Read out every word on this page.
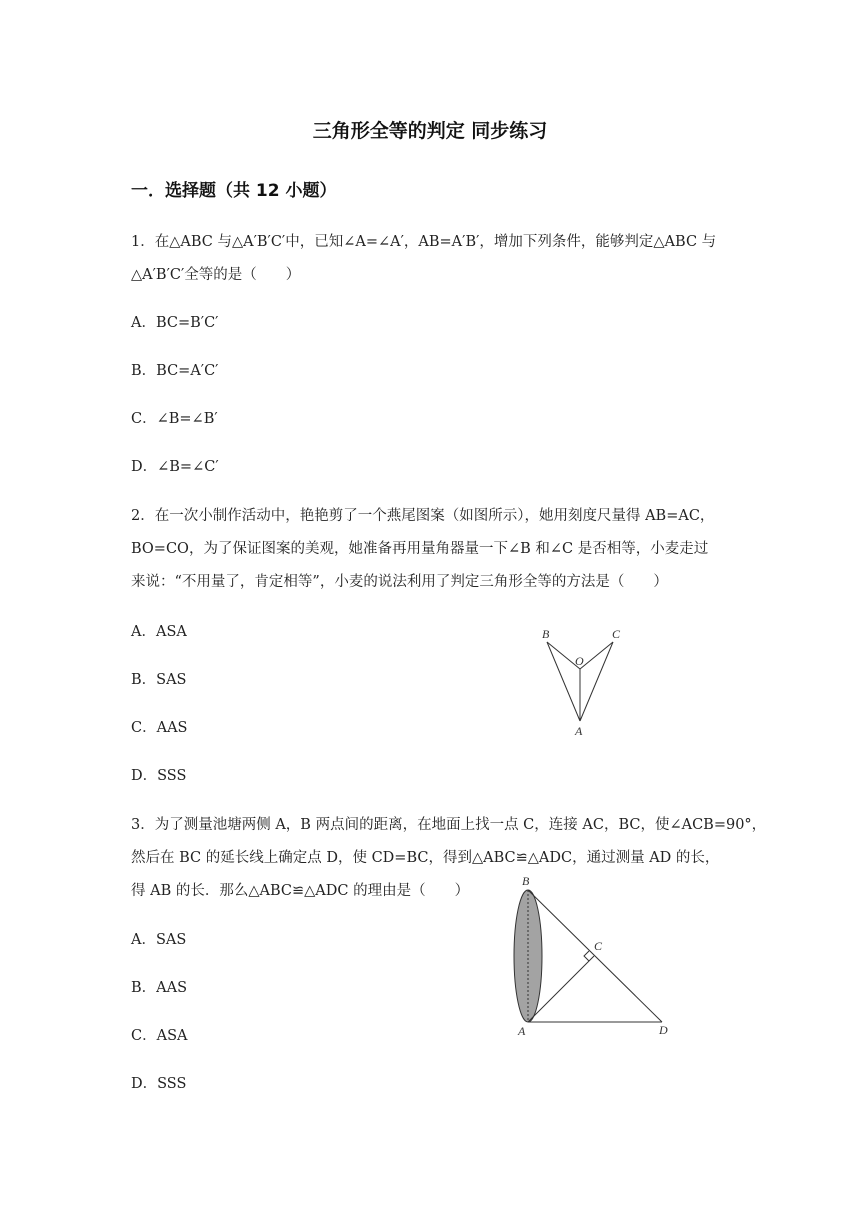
三角形全等的判定 同步练习
一．选择题（共 12 小题）
1．在△ABC 与△A′B′C′中，已知∠A=∠A′，AB=A′B′，增加下列条件，能够判定△ABC 与
△A′B′C′全等的是（　　）
A．BC=B′C′
B．BC=A′C′
C．∠B=∠B′
D．∠B=∠C′
2．在一次小制作活动中，艳艳剪了一个燕尾图案（如图所示），她用刻度尺量得 AB=AC，
BO=CO，为了保证图案的美观，她准备再用量角器量一下∠B 和∠C 是否相等，小麦走过
来说：“不用量了，肯定相等”，小麦的说法利用了判定三角形全等的方法是（　　）
A．ASA
B．SAS
C．AAS
D．SSS
B	C
O
A
3．为了测量池塘两侧 A，B 两点间的距离，在地面上找一点 C，连接 AC，BC，使∠ACB=90°，
然后在 BC 的延长线上确定点 D，使 CD=BC，得到△ABC≌△ADC，通过测量 AD 的长，
得 AB 的长．那么△ABC≌△ADC 的理由是（　　）
A．SAS
B．AAS
C．ASA
D．SSS
B
C
A	D
